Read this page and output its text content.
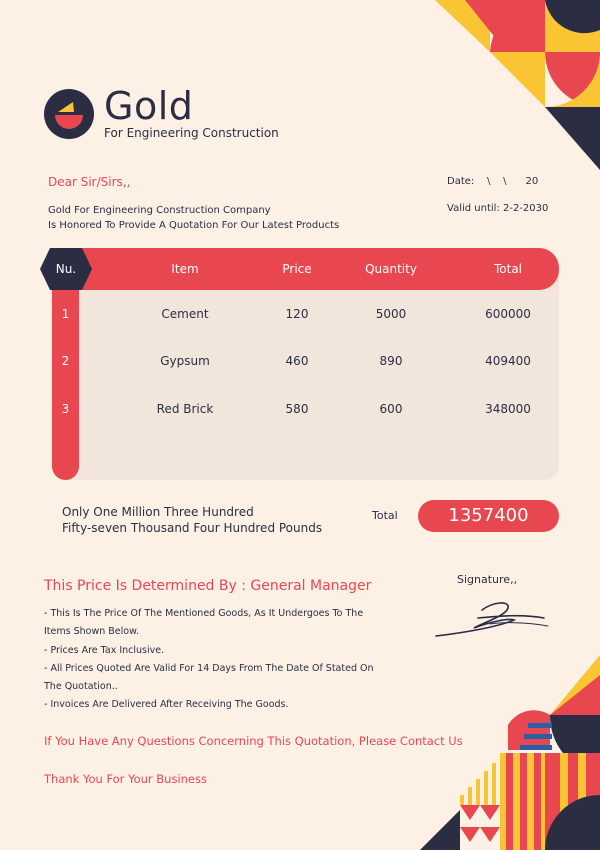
Gold
For Engineering Construction
Dear Sir/Sirs,,	Date:    \    \      20
Gold For Engineering Construction Company
Is Honored To Provide A Quotation For Our Latest Products
Valid until: 2-2-2030
Nu.	Item	Price	Quantity	Total
1	Cement	120	5000	600000
2	Gypsum	460	890	409400
3	Red Brick	580	600	348000
Only One Million Three Hundred
Fifty-seven Thousand Four Hundred Pounds
Total	1357400
This Price Is Determined By : General Manager	Signature,,
- This Is The Price Of The Mentioned Goods, As It Undergoes To The
Items Shown Below.
- Prices Are Tax Inclusive.
- All Prices Quoted Are Valid For 14 Days From The Date Of Stated On
The Quotation..
- Invoices Are Delivered After Receiving The Goods.
If You Have Any Questions Concerning This Quotation, Please Contact Us
Thank You For Your Business
